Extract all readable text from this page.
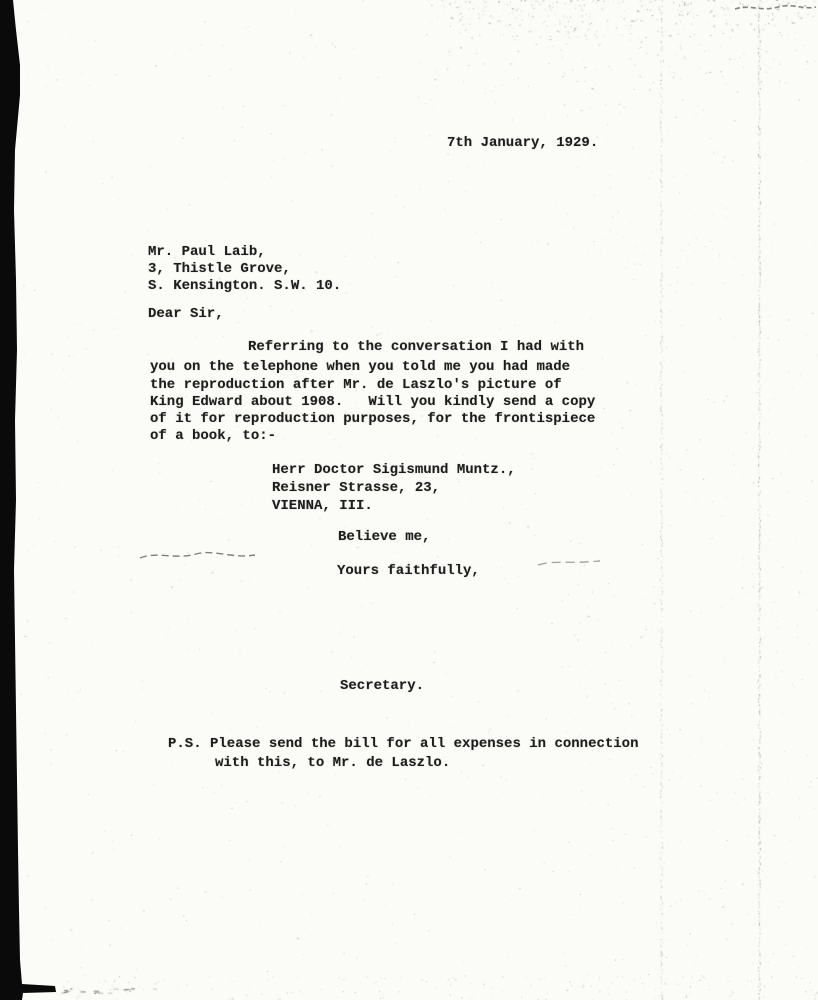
7th January, 1929.
Mr. Paul Laib,
3, Thistle Grove,
S. Kensington. S.W. 10.
Dear Sir,
Referring to the conversation I had with
you on the telephone when you told me you had made
the reproduction after Mr. de Laszlo's picture of
King Edward about 1908.   Will you kindly send a copy
of it for reproduction purposes, for the frontispiece
of a book, to:-
Herr Doctor Sigismund Muntz.,
Reisner Strasse, 23,
VIENNA, III.
Believe me,
Yours faithfully,
Secretary.
P.S. Please send the bill for all expenses in connection
with this, to Mr. de Laszlo.
